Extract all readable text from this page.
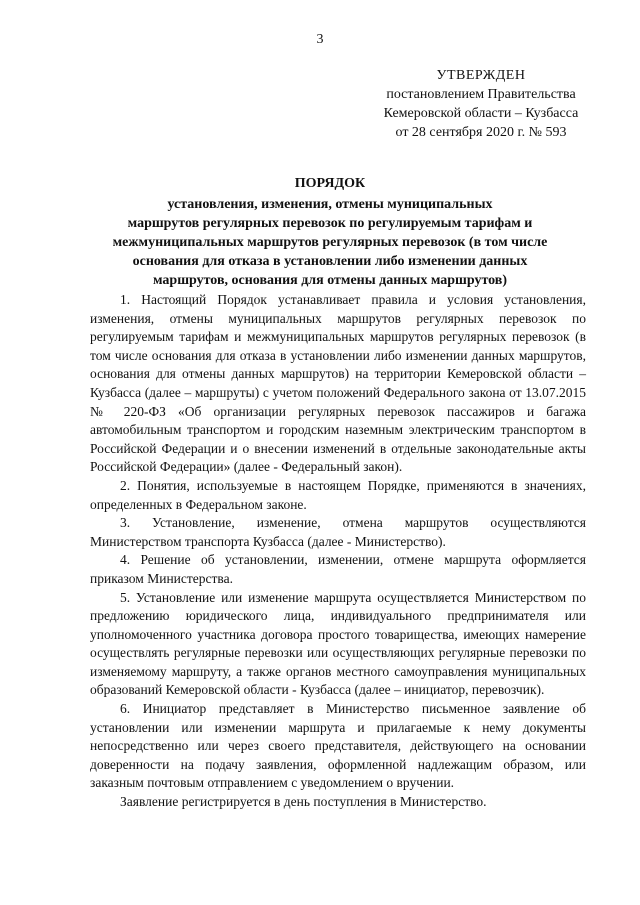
3
УТВЕРЖДЕН
постановлением Правительства
Кемеровской области – Кузбасса
от 28 сентября 2020 г. № 593
ПОРЯДОК
установления, изменения, отмены муниципальных
маршрутов регулярных перевозок по регулируемым тарифам и
межмуниципальных маршрутов регулярных перевозок (в том числе
основания для отказа в установлении либо изменении данных
маршрутов, основания для отмены данных маршрутов)

1. Настоящий Порядок устанавливает правила и условия установления, изменения, отмены муниципальных маршрутов регулярных перевозок по регулируемым тарифам и межмуниципальных маршрутов регулярных перевозок (в том числе основания для отказа в установлении либо изменении данных маршрутов, основания для отмены данных маршрутов) на территории Кемеровской области – Кузбасса (далее – маршруты) с учетом положений Федерального закона от 13.07.2015 № 220-ФЗ «Об организации регулярных перевозок пассажиров и багажа автомобильным транспортом и городским наземным электрическим транспортом в Российской Федерации и о внесении изменений в отдельные законодательные акты Российской Федерации» (далее - Федеральный закон).

2. Понятия, используемые в настоящем Порядке, применяются в значениях, определенных в Федеральном законе.

3. Установление, изменение, отмена маршрутов осуществляются Министерством транспорта Кузбасса (далее - Министерство).

4. Решение об установлении, изменении, отмене маршрута оформляется приказом Министерства.

5. Установление или изменение маршрута осуществляется Министерством по предложению юридического лица, индивидуального предпринимателя или уполномоченного участника договора простого товарищества, имеющих намерение осуществлять регулярные перевозки или осуществляющих регулярные перевозки по изменяемому маршруту, а также органов местного самоуправления муниципальных образований Кемеровской области - Кузбасса (далее – инициатор, перевозчик).

6. Инициатор представляет в Министерство письменное заявление об установлении или изменении маршрута и прилагаемые к нему документы непосредственно или через своего представителя, действующего на основании доверенности на подачу заявления, оформленной надлежащим образом, или заказным почтовым отправлением с уведомлением о вручении.

Заявление регистрируется в день поступления в Министерство.
